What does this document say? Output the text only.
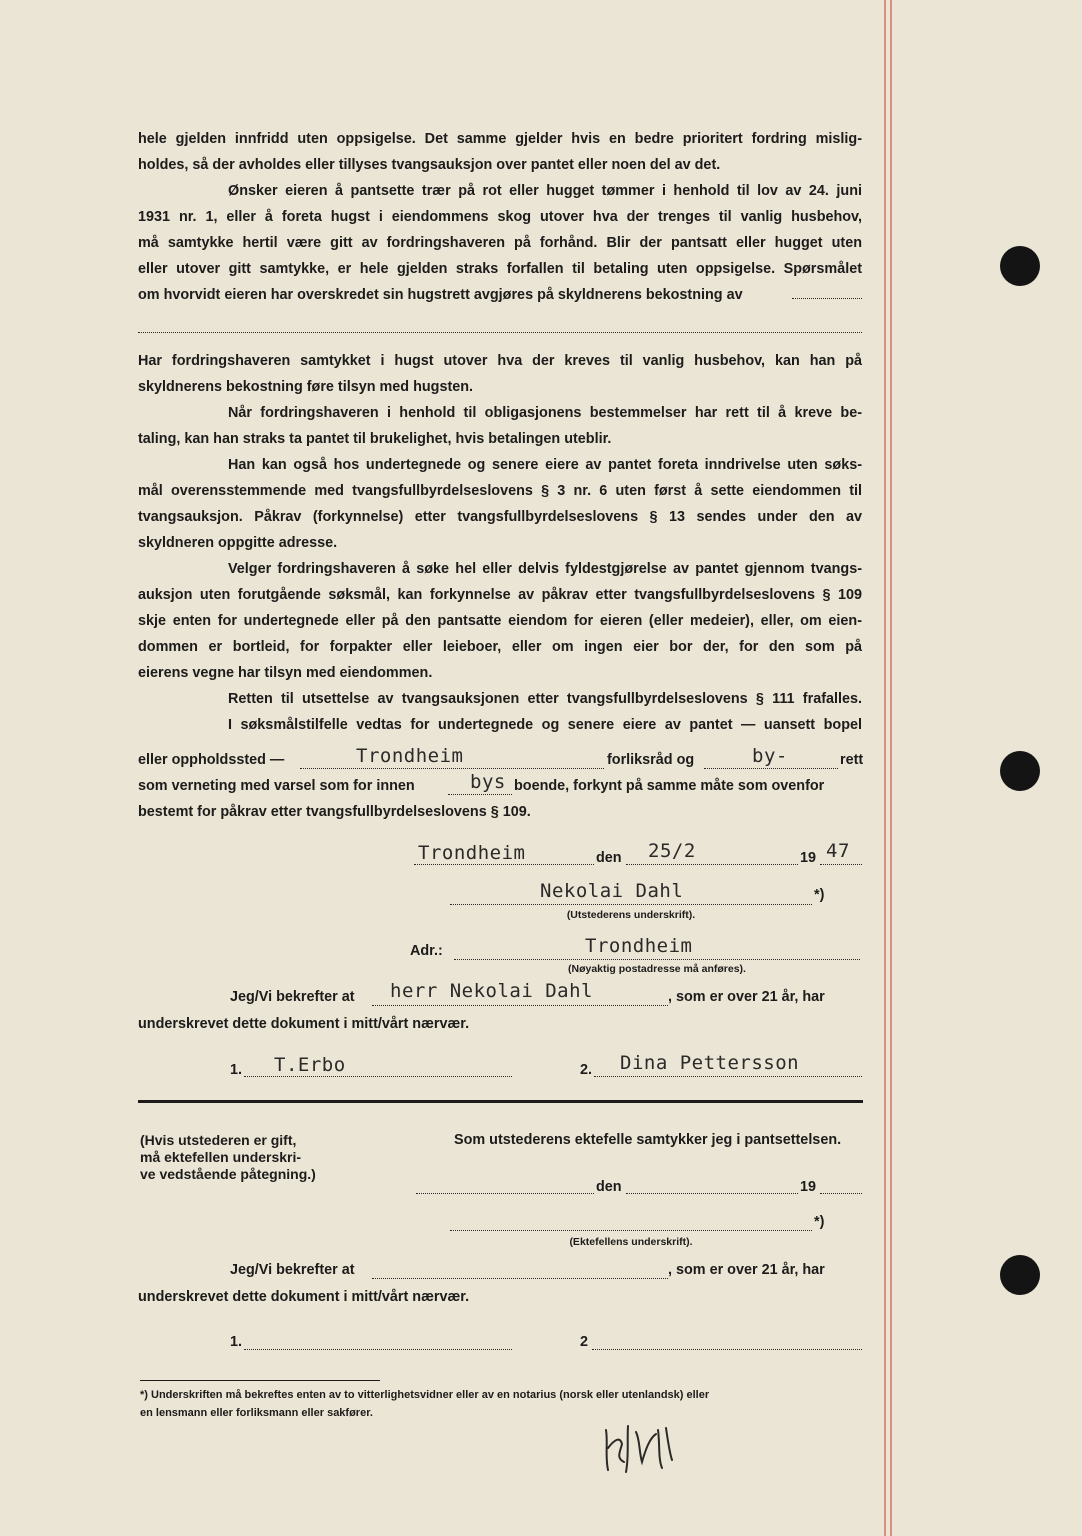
hele gjelden innfridd uten oppsigelse. Det samme gjelder hvis en bedre prioritert fordring mislig-
holdes, så der avholdes eller tillyses tvangsauksjon over pantet eller noen del av det.
Ønsker eieren å pantsette trær på rot eller hugget tømmer i henhold til lov av 24. juni
1931 nr. 1, eller å foreta hugst i eiendommens skog utover hva der trenges til vanlig husbehov,
må samtykke hertil være gitt av fordringshaveren på forhånd. Blir der pantsatt eller hugget uten
eller utover gitt samtykke, er hele gjelden straks forfallen til betaling uten oppsigelse. Spørsmålet
om hvorvidt eieren har overskredet sin hugstrett avgjøres på skyldnerens bekostning av
Har fordringshaveren samtykket i hugst utover hva der kreves til vanlig husbehov, kan han på
skyldnerens bekostning føre tilsyn med hugsten.
Når fordringshaveren i henhold til obligasjonens bestemmelser har rett til å kreve be-
taling, kan han straks ta pantet til brukelighet, hvis betalingen uteblir.
Han kan også hos undertegnede og senere eiere av pantet foreta inndrivelse uten søks-
mål overensstemmende med tvangsfullbyrdelseslovens § 3 nr. 6 uten først å sette eiendommen til
tvangsauksjon. Påkrav (forkynnelse) etter tvangsfullbyrdelseslovens § 13 sendes under den av
skyldneren oppgitte adresse.
Velger fordringshaveren å søke hel eller delvis fyldestgjørelse av pantet gjennom tvangs-
auksjon uten forutgående søksmål, kan forkynnelse av påkrav etter tvangsfullbyrdelseslovens § 109
skje enten for undertegnede eller på den pantsatte eiendom for eieren (eller medeier), eller, om eien-
dommen er bortleid, for forpakter eller leieboer, eller om ingen eier bor der, for den som på
eierens vegne har tilsyn med eiendommen.
Retten til utsettelse av tvangsauksjonen etter tvangsfullbyrdelseslovens § 111 frafalles.
I søksmålstilfelle vedtas for undertegnede og senere eiere av pantet — uansett bopel
eller oppholdssted —	Trondheim	forliksråd og	by-	rett
som verneting med varsel som for innen	bys boende, forkynt på samme måte som ovenfor
bestemt for påkrav etter tvangsfullbyrdelseslovens § 109.
Trondheim	den 25/2	19 47
Nekolai Dahl	*)
(Utstederens underskrift).
Adr.:	Trondheim
(Nøyaktig postadresse må anføres).
Jeg/Vi bekrefter at herr Nekolai Dahl	, som er over 21 år, har
underskrevet dette dokument i mitt/vårt nærvær.
1. T.Erbo	2. Dina Pettersson
(Hvis utstederen er gift,
må ektefellen underskri-
ve vedstående påtegning.)
Som utstederens ektefelle samtykker jeg i pantsettelsen.
den	19
*)
(Ektefellens underskrift).
Jeg/Vi bekrefter at	, som er over 21 år, har
underskrevet dette dokument i mitt/vårt nærvær.
1.	2
*) Underskriften må bekreftes enten av to vitterlighetsvidner eller av en notarius (norsk eller utenlandsk) eller
en lensmann eller forliksmann eller sakfører.
